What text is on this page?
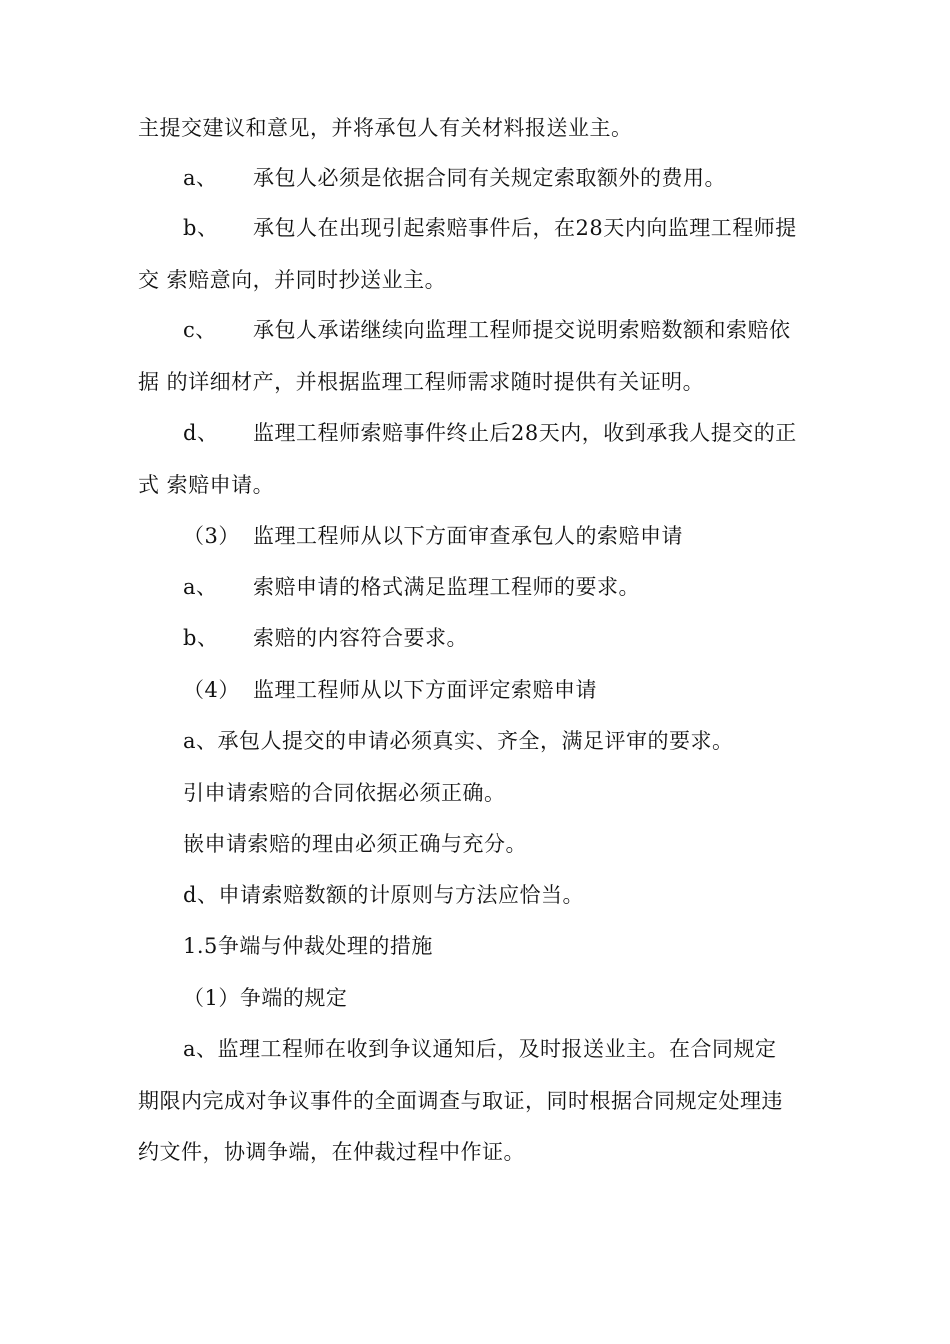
主提交建议和意见，并将承包人有关材料报送业主。
a、 承包人必须是依据合同有关规定索取额外的费用。
b、 承包人在出现引起索赔事件后，在28天内向监理工程师提
交 索赔意向，并同时抄送业主。
c、 承包人承诺继续向监理工程师提交说明索赔数额和索赔依
据 的详细材产，并根据监理工程师需求随时提供有关证明。
d、 监理工程师索赔事件终止后28天内，收到承我人提交的正
式 索赔申请。
（3） 监理工程师从以下方面审查承包人的索赔申请
a、 索赔申请的格式满足监理工程师的要求。
b、 索赔的内容符合要求。
（4） 监理工程师从以下方面评定索赔申请
a、承包人提交的申请必须真实、齐全，满足评审的要求。
引申请索赔的合同依据必须正确。
嵌申请索赔的理由必须正确与充分。
d、申请索赔数额的计原则与方法应恰当。
1.5争端与仲裁处理的措施
（1）争端的规定
a、监理工程师在收到争议通知后，及时报送业主。在合同规定
期限内完成对争议事件的全面调查与取证，同时根据合同规定处理违
约文件，协调争端，在仲裁过程中作证。
